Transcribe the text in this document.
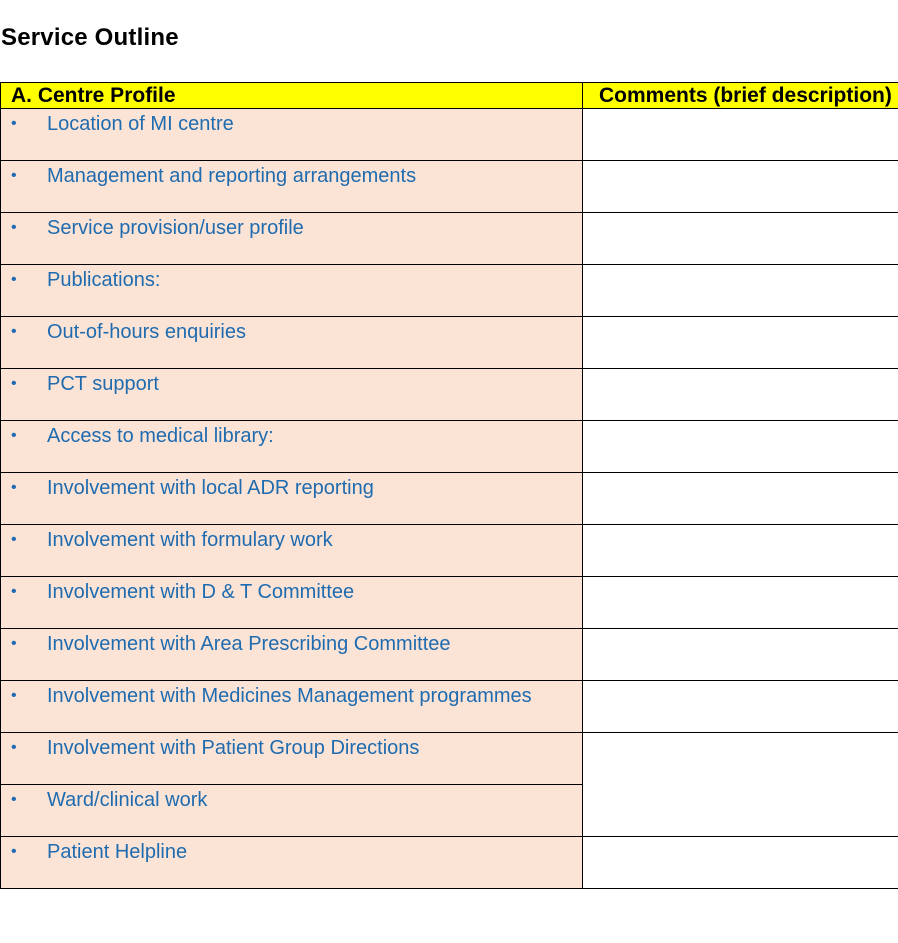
Service Outline
A. Centre Profile	Comments (brief description)

• Location of MI centre	

• Management and reporting arrangements	

• Service provision/user profile	

• Publications:	

• Out-of-hours enquiries	

• PCT support	

• Access to medical library:	

• Involvement with local ADR reporting	

• Involvement with formulary work	

• Involvement with D & T Committee	

• Involvement with Area Prescribing Committee	

• Involvement with Medicines Management programmes	

• Involvement with Patient Group Directions	

• Ward/clinical work	

• Patient Helpline	
